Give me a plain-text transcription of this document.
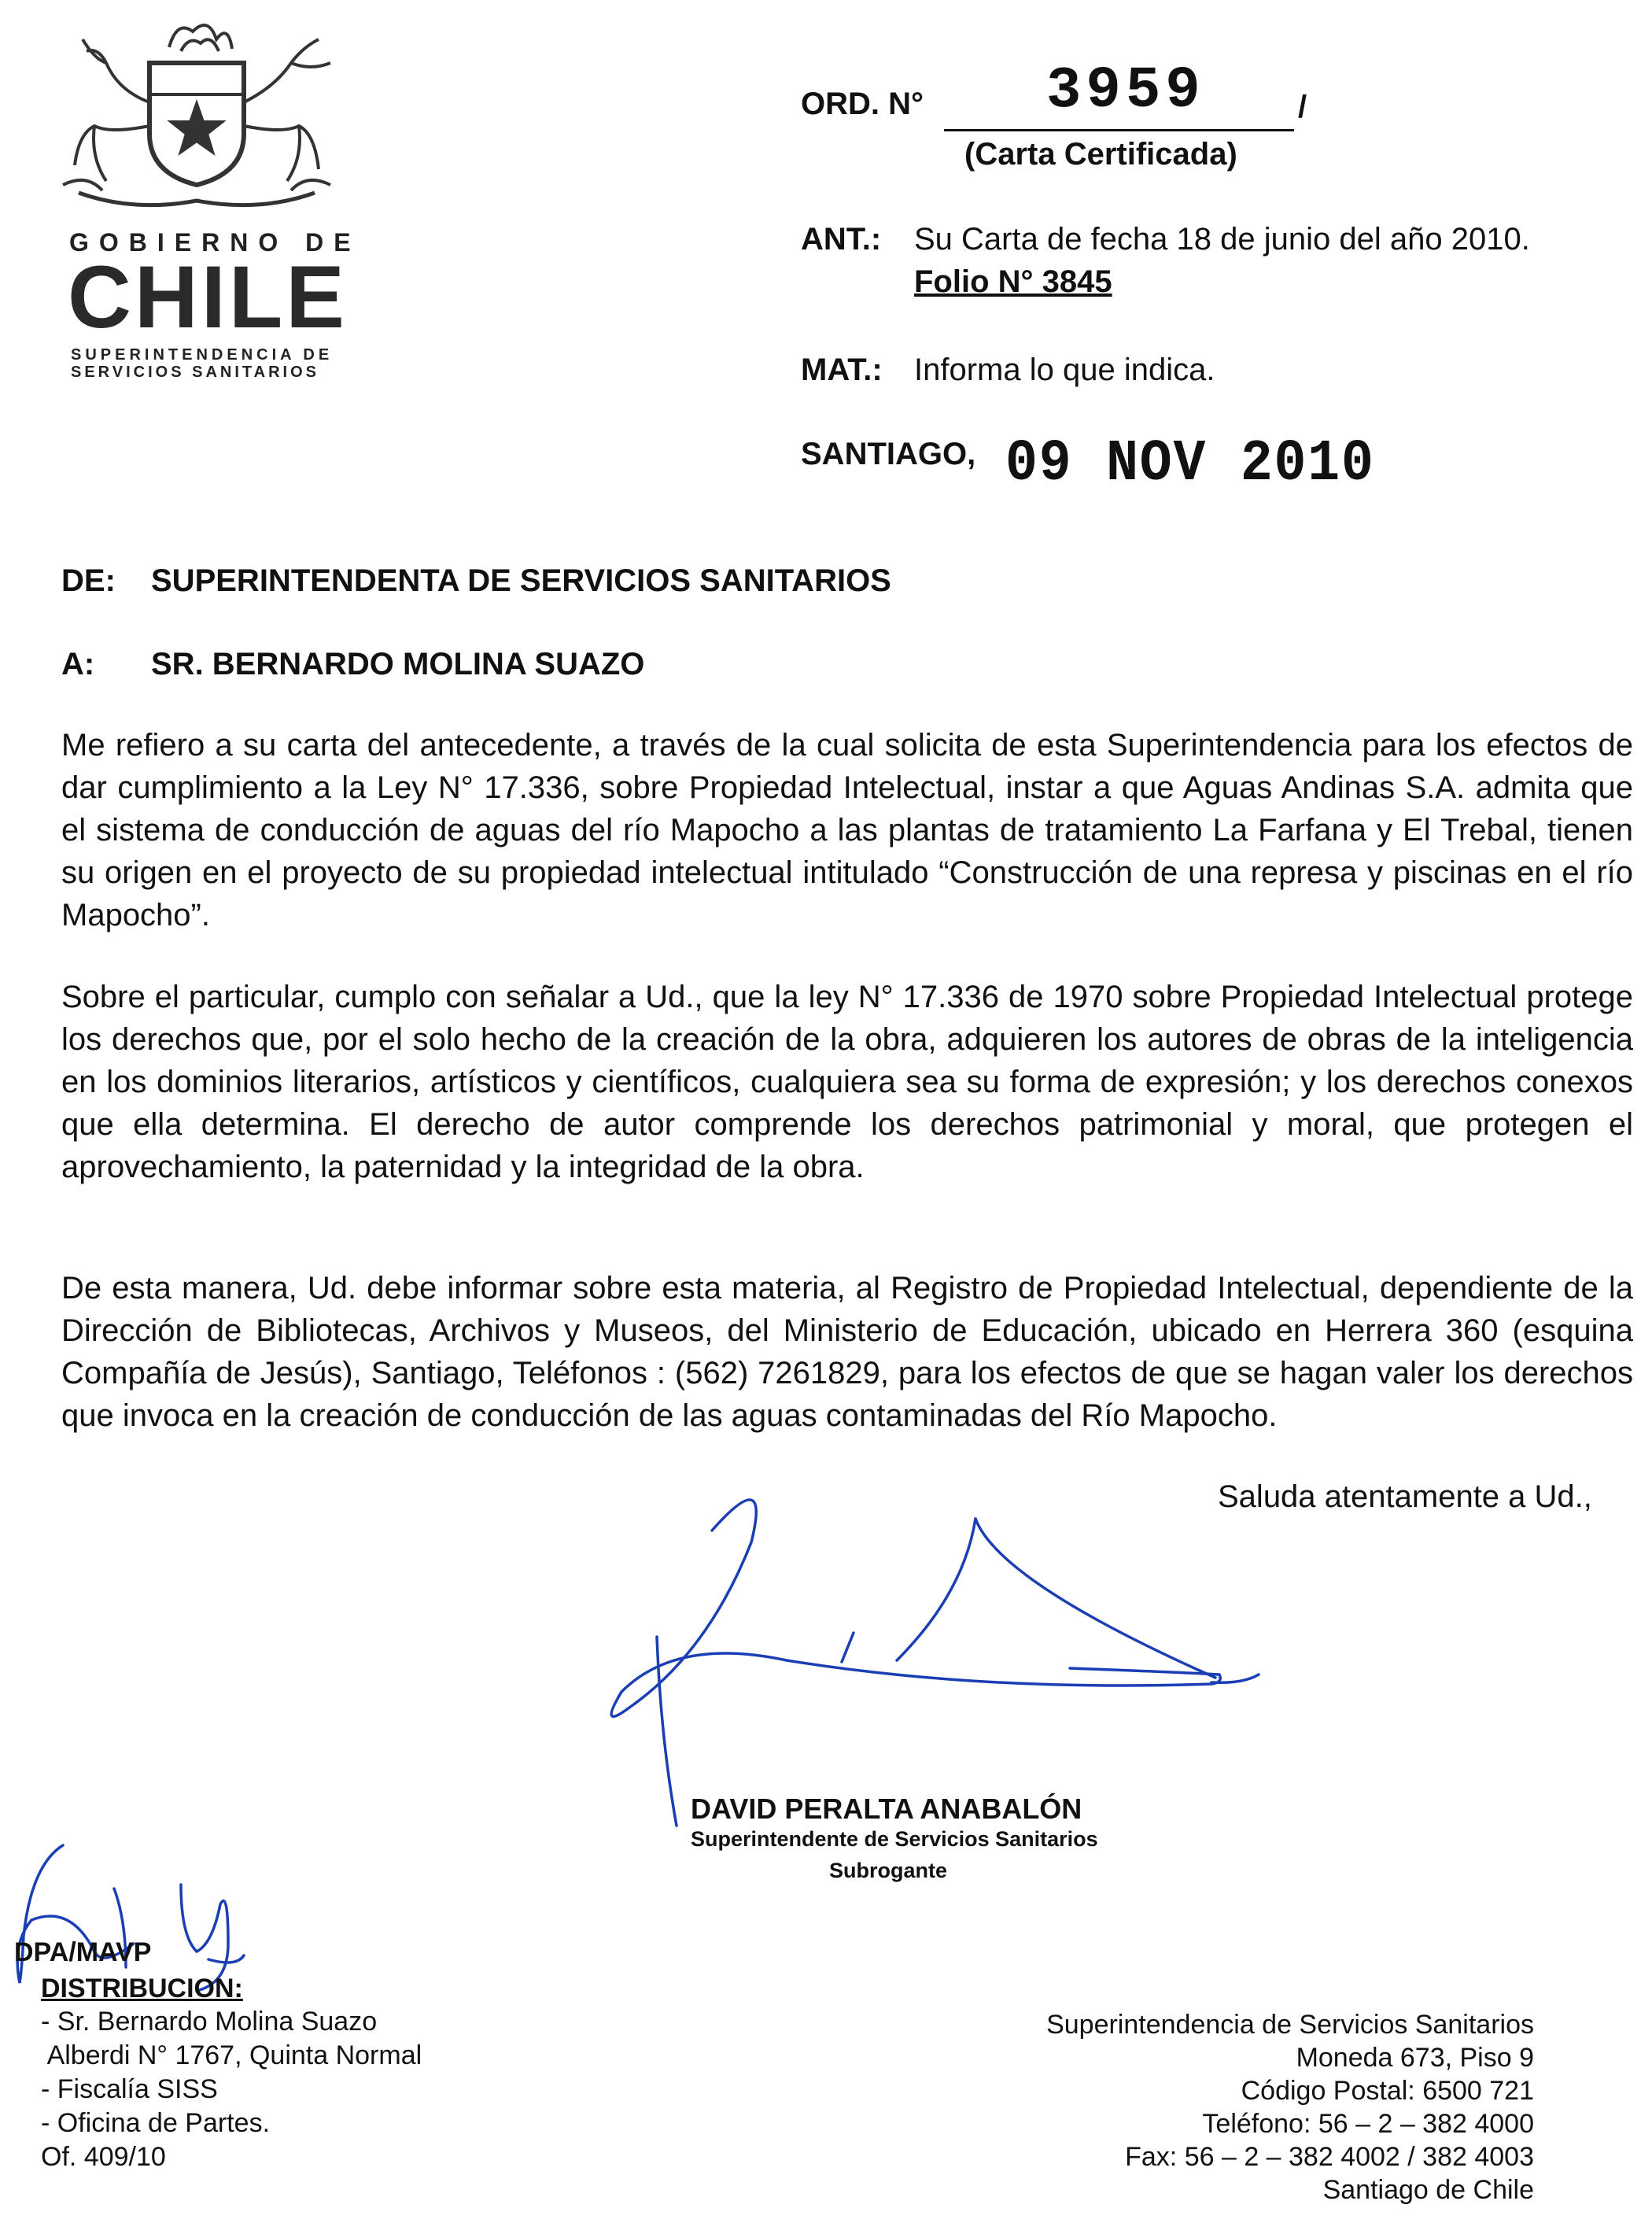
GOBIERNO DE
CHILE
SUPERINTENDENCIA DE
SERVICIOS SANITARIOS
ORD. N° 3959	/
(Carta Certificada)
ANT.: Su Carta de fecha 18 de junio del año 2010.
Folio N° 3845
MAT.: Informa lo que indica.
SANTIAGO, 09 NOV 2010
DE: SUPERINTENDENTA DE SERVICIOS SANITARIOS
A: SR. BERNARDO MOLINA SUAZO
Me refiero a su carta del antecedente, a través de la cual solicita de esta Superintendencia para los efectos de dar cumplimiento a la Ley N° 17.336, sobre Propiedad Intelectual, instar a que Aguas Andinas S.A. admita que el sistema de conducción de aguas del río Mapocho a las plantas de tratamiento La Farfana y El Trebal, tienen su origen en el proyecto de su propiedad intelectual intitulado “Construcción de una represa y piscinas en el río Mapocho”.
Sobre el particular, cumplo con señalar a Ud., que la ley N° 17.336 de 1970 sobre Propiedad Intelectual protege los derechos que, por el solo hecho de la creación de la obra, adquieren los autores de obras de la inteligencia en los dominios literarios, artísticos y científicos, cualquiera sea su forma de expresión; y los derechos conexos que ella determina. El derecho de autor comprende los derechos patrimonial y moral, que protegen el aprovechamiento, la paternidad y la integridad de la obra.
De esta manera, Ud. debe informar sobre esta materia, al Registro de Propiedad Intelectual, dependiente de la Dirección de Bibliotecas, Archivos y Museos, del Ministerio de Educación, ubicado en Herrera 360 (esquina Compañía de Jesús), Santiago, Teléfonos : (562) 7261829, para los efectos de que se hagan valer los derechos que invoca en la creación de conducción de las aguas contaminadas del Río Mapocho.
Saluda atentamente a Ud.,
DAVID PERALTA ANABALÓN
Superintendente de Servicios Sanitarios
Subrogante
DPA/MAVP
DISTRIBUCION:
- Sr. Bernardo Molina Suazo
Alberdi N° 1767, Quinta Normal
- Fiscalía SISS
- Oficina de Partes.
Of. 409/10
Superintendencia de Servicios Sanitarios
Moneda 673, Piso 9
Código Postal: 6500 721
Teléfono: 56 – 2 – 382 4000
Fax: 56 – 2 – 382 4002 / 382 4003
Santiago de Chile
